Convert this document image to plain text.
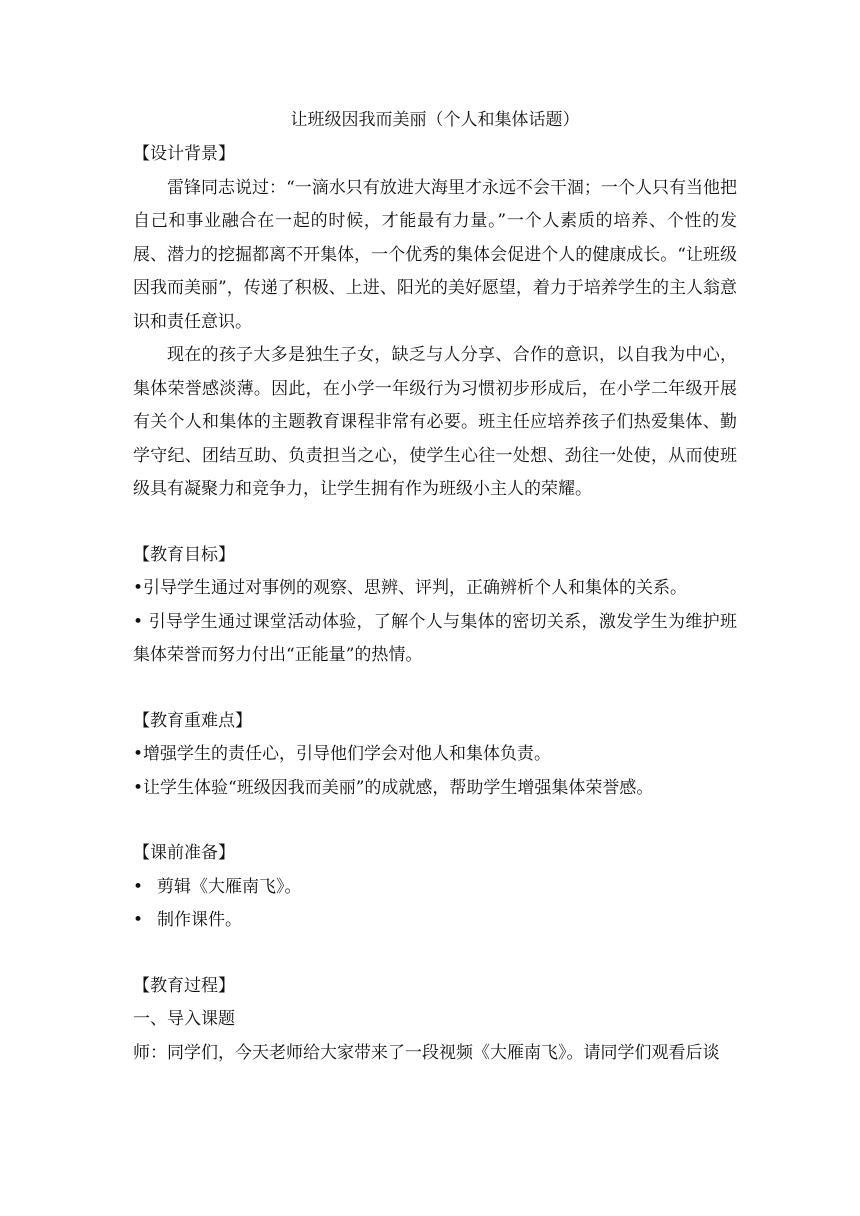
让班级因我而美丽（个人和集体话题）

【设计背景】

雷锋同志说过：“一滴水只有放进大海里才永远不会干涸；一个人只有当他把自己和事业融合在一起的时候，才能最有力量。”一个人素质的培养、个性的发展、潜力的挖掘都离不开集体，一个优秀的集体会促进个人的健康成长。“让班级因我而美丽”，传递了积极、上进、阳光的美好愿望，着力于培养学生的主人翁意识和责任意识。

现在的孩子大多是独生子女，缺乏与人分享、合作的意识，以自我为中心，集体荣誉感淡薄。因此，在小学一年级行为习惯初步形成后，在小学二年级开展有关个人和集体的主题教育课程非常有必要。班主任应培养孩子们热爱集体、勤学守纪、团结互助、负责担当之心，使学生心往一处想、劲往一处使，从而使班级具有凝聚力和竞争力，让学生拥有作为班级小主人的荣耀。

【教育目标】

•引导学生通过对事例的观察、思辨、评判，正确辨析个人和集体的关系。

• 引导学生通过课堂活动体验，了解个人与集体的密切关系，激发学生为维护班集体荣誉而努力付出“正能量”的热情。

【教育重难点】

•增强学生的责任心，引导他们学会对他人和集体负责。

•让学生体验“班级因我而美丽”的成就感，帮助学生增强集体荣誉感。

【课前准备】

• 剪辑《大雁南飞》。

• 制作课件。

【教育过程】

一、导入课题

师：同学们，今天老师给大家带来了一段视频《大雁南飞》。请同学们观看后谈
